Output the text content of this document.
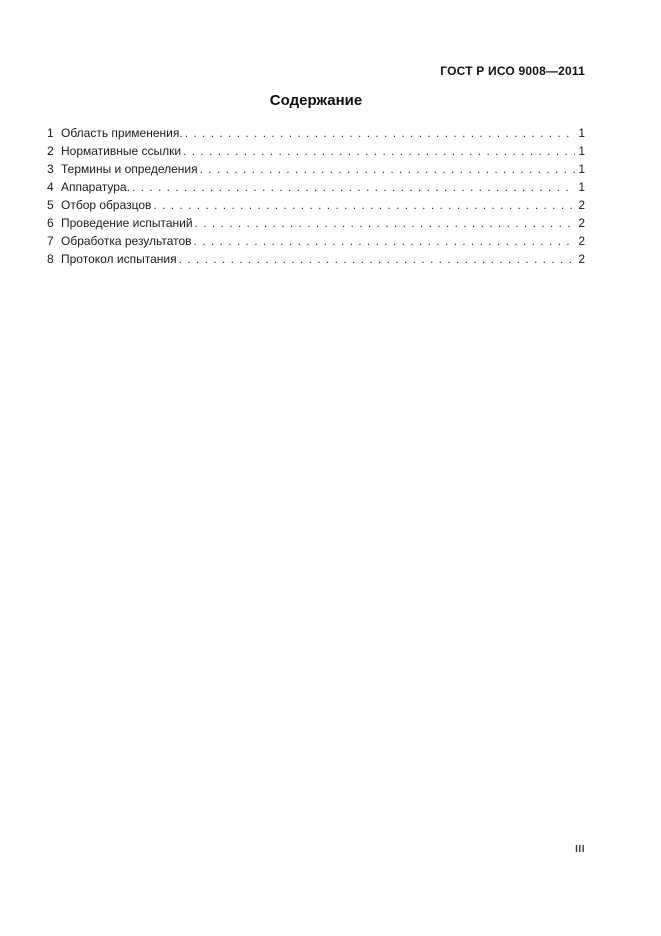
ГОСТ Р ИСО 9008—2011
Содержание
1 Область применения. . . .	1
2 Нормативные ссылки . . .	1
3 Термины и определения . . .	1
4 Аппаратура. . . .	1
5 Отбор образцов . . .	2
6 Проведение испытаний . . .	2
7 Обработка результатов . . .	2
8 Протокол испытания . . .	2
III
